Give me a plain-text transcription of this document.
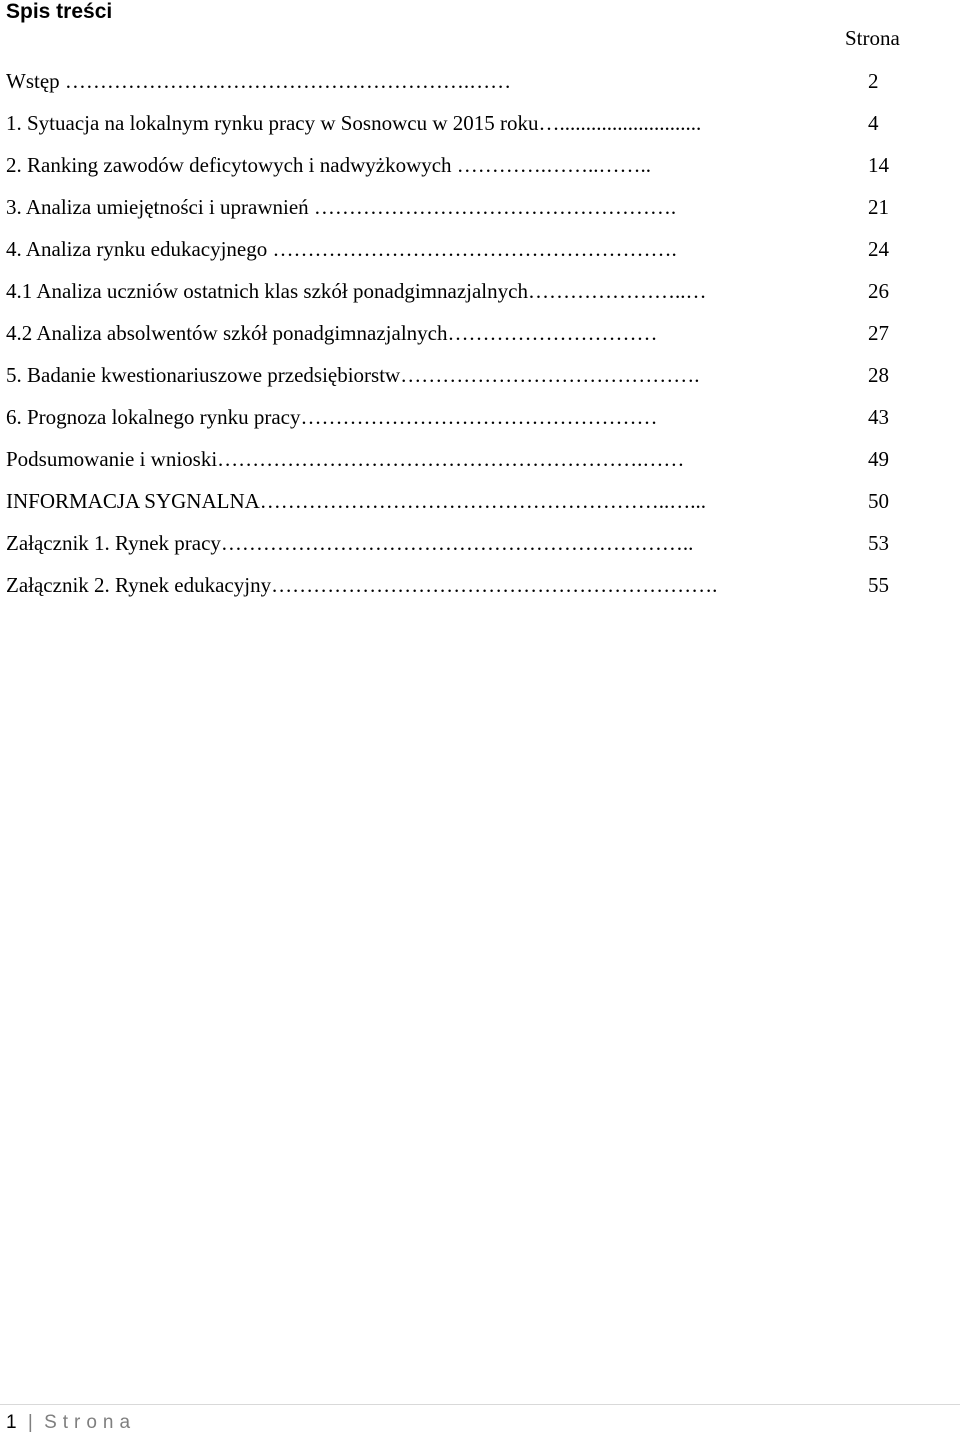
Spis treści
Strona
Wstęp ………………………………………………….……	2
1. Sytuacja na lokalnym rynku pracy w Sosnowcu w 2015 roku…...........................	4
2. Ranking zawodów deficytowych i nadwyżkowych ………….……..……..	14
3. Analiza umiejętności i uprawnień …………………………………………….	21
4. Analiza rynku edukacyjnego ………………………………………………….	24
4.1 Analiza uczniów ostatnich klas szkół ponadgimnazjalnych…………………..…	26
4.2 Analiza absolwentów szkół ponadgimnazjalnych…………………………	27
5. Badanie kwestionariuszowe przedsiębiorstw…………………………………….	28
6. Prognoza lokalnego rynku pracy……………………………………………	43
Podsumowanie i wnioski…………………………………………………….……	49
INFORMACJA SYGNALNA…………………………………………………..…...	50
Załącznik 1. Rynek pracy…………………………………………………………..	53
Załącznik 2. Rynek edukacyjny……………………………………………………….	55
1 | Strona
